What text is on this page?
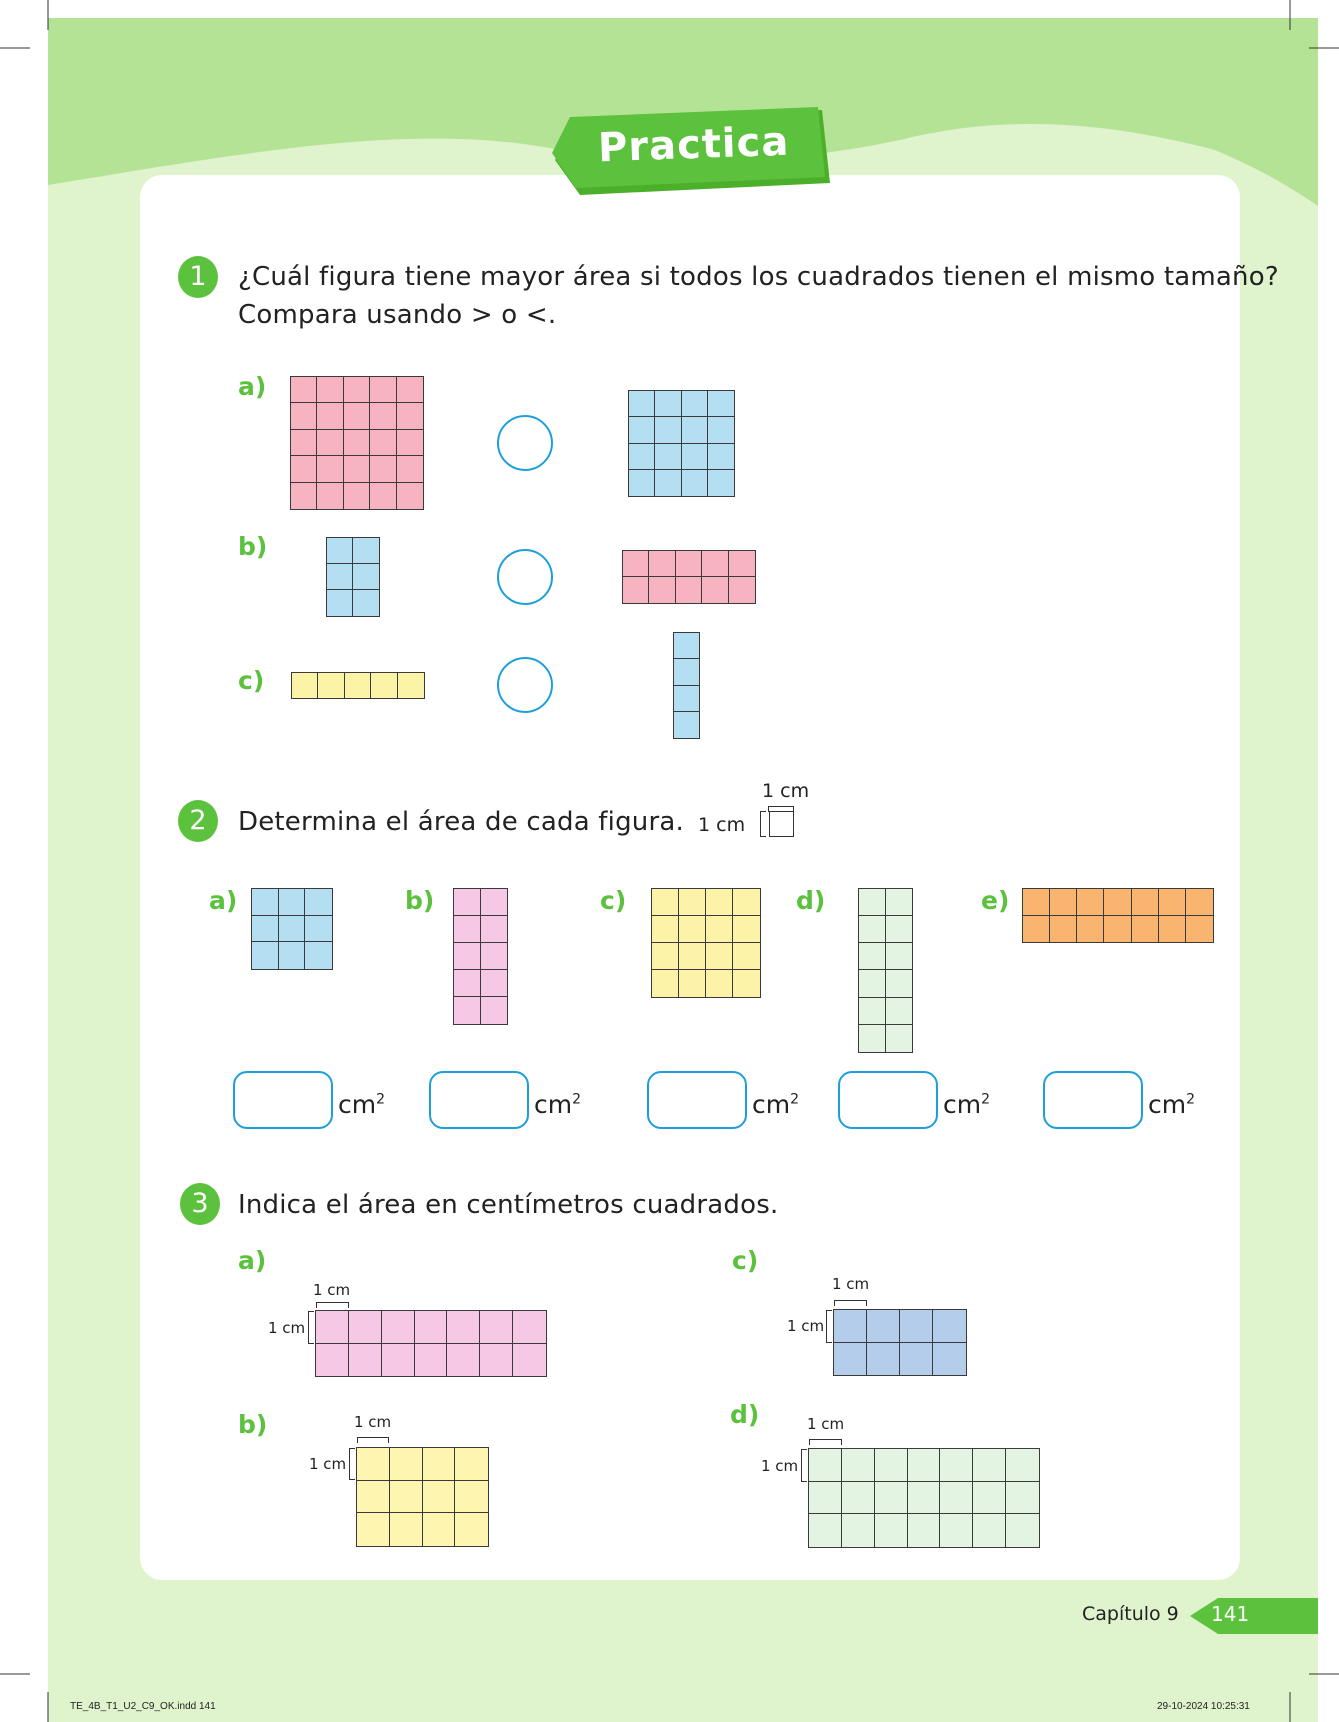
Practica
1	¿Cuál figura tiene mayor área si todos los cuadrados tienen el mismo tamaño?
Compara usando > o <.
a)
b)
c)
2	Determina el área de cada figura.
1 cm
1 cm
a)	b)	c)	d)	e)
$cm^2$	$cm^2$	$cm^2$	$cm^2$	$cm^2$
3	Indica el área en centímetros cuadrados.
a)
1 cm
1 cm
b)	1 cm
1 cm
c)
1 cm
1 cm
d)	1 cm
1 cm
Capítulo 9 141
TE_4B_T1_U2_C9_OK.indd 141	29-10-2024 10:25:31
